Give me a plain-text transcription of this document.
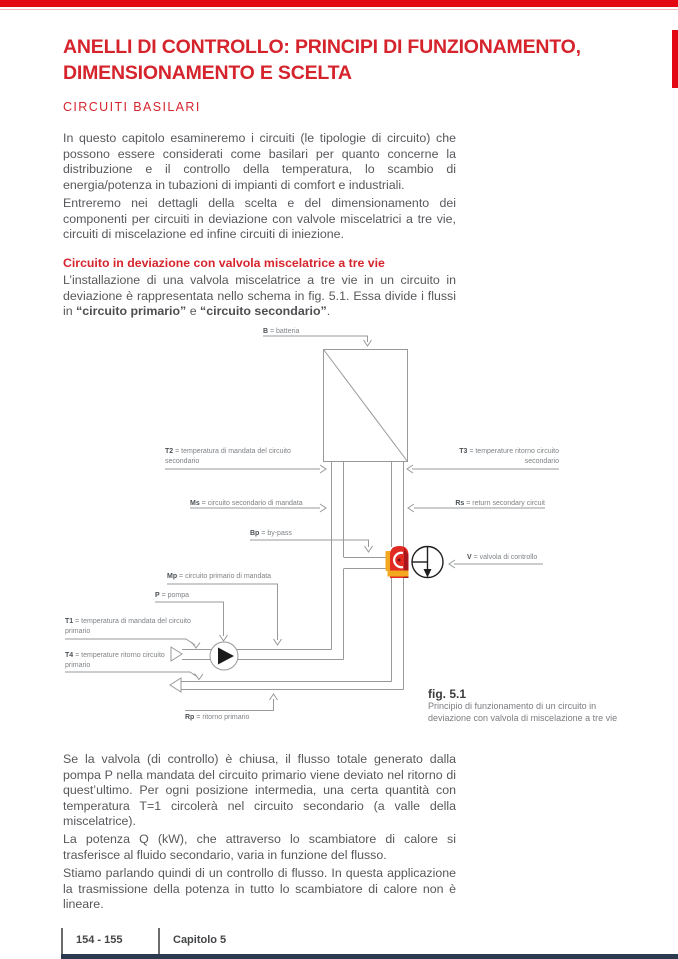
ANELLI DI CONTROLLO: PRINCIPI DI FUNZIONAMENTO,
DIMENSIONAMENTO E SCELTA
CIRCUITI BASILARI
In questo capitolo esamineremo i circuiti (le tipologie di circuito) che possono essere considerati come basilari per quanto concerne la distribuzione e il controllo della temperatura, lo scambio di energia/potenza in tubazioni di impianti di comfort e industriali.
Entreremo nei dettagli della scelta e del dimensionamento dei componenti per circuiti in deviazione con valvole miscelatrici a tre vie, circuiti di miscelazione ed infine circuiti di iniezione.
Circuito in deviazione con valvola miscelatrice a tre vie
L’installazione di una valvola miscelatrice a tre vie in un circuito in deviazione è rappresentata nello schema in fig. 5.1. Essa divide i flussi in “circuito primario” e “circuito secondario”.
B = batteria
T2 = temperatura di mandata del circuito secondario
T3 = temperature ritorno circuito secondario
Ms = circuito secondario di mandata	Rs = return secondary circuit
Bp = by-pass
V = valvola di controllo
Mp = circuito primario di mandata
P = pompa
T1 = temperatura di mandata del circuito primario
T4 = temperature ritorno circuito primario
Rp = ritorno primario
fig. 5.1
Principio di funzionamento di un circuito in deviazione con valvola di miscelazione a tre vie
Se la valvola (di controllo) è chiusa, il flusso totale generato dalla pompa P nella mandata del circuito primario viene deviato nel ritorno di quest’ultimo. Per ogni posizione intermedia, una certa quantità con temperatura T=1 circolerà nel circuito secondario (a valle della miscelatrice).
La potenza Q (kW), che attraverso lo scambiatore di calore si trasferisce al fluido secondario, varia in funzione del flusso.
Stiamo parlando quindi di un controllo di flusso. In questa applicazione la trasmissione della potenza in tutto lo scambiatore di calore non è lineare.
154 - 155	Capitolo 5
